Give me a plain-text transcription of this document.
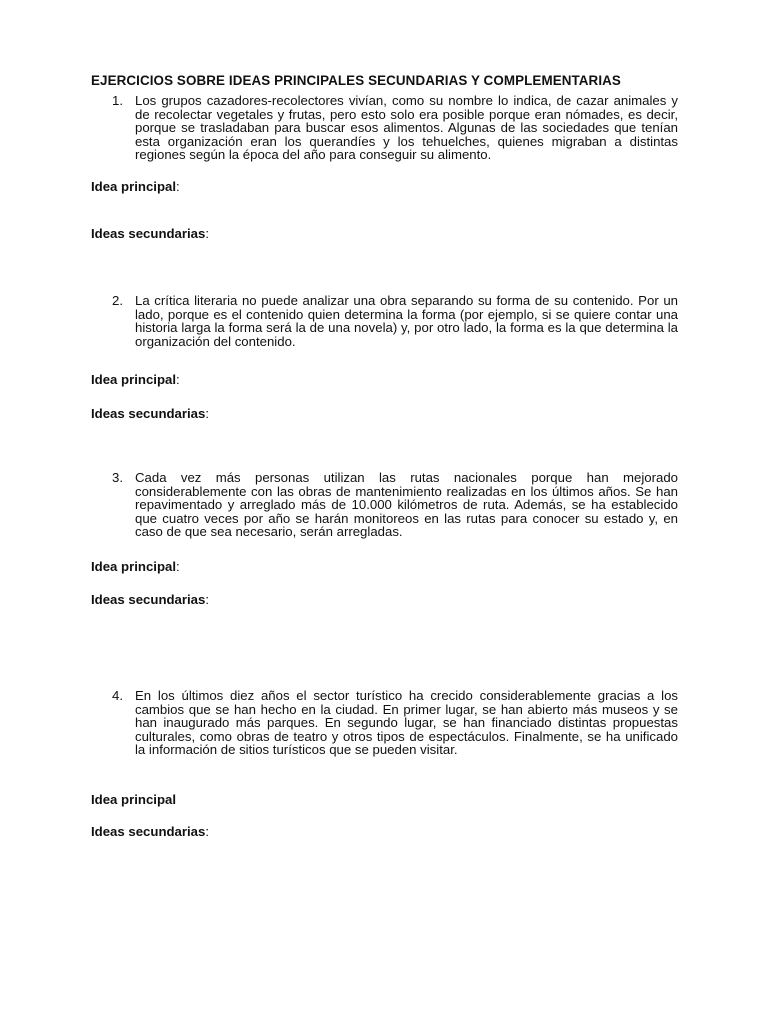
EJERCICIOS SOBRE IDEAS PRINCIPALES SECUNDARIAS Y COMPLEMENTARIAS
1. Los grupos cazadores-recolectores vivían, como su nombre lo indica, de cazar animales y de recolectar vegetales y frutas, pero esto solo era posible porque eran nómades, es decir, porque se trasladaban para buscar esos alimentos. Algunas de las sociedades que tenían esta organización eran los querandíes y los tehuelches, quienes migraban a distintas regiones según la época del año para conseguir su alimento.
Idea principal:
Ideas secundarias:
2. La crítica literaria no puede analizar una obra separando su forma de su contenido. Por un lado, porque es el contenido quien determina la forma (por ejemplo, si se quiere contar una historia larga la forma será la de una novela) y, por otro lado, la forma es la que determina la organización del contenido.
Idea principal:
Ideas secundarias:
3. Cada vez más personas utilizan las rutas nacionales porque han mejorado considerablemente con las obras de mantenimiento realizadas en los últimos años. Se han repavimentado y arreglado más de 10.000 kilómetros de ruta. Además, se ha establecido que cuatro veces por año se harán monitoreos en las rutas para conocer su estado y, en caso de que sea necesario, serán arregladas.
Idea principal:
Ideas secundarias:
4. En los últimos diez años el sector turístico ha crecido considerablemente gracias a los cambios que se han hecho en la ciudad. En primer lugar, se han abierto más museos y se han inaugurado más parques. En segundo lugar, se han financiado distintas propuestas culturales, como obras de teatro y otros tipos de espectáculos. Finalmente, se ha unificado la información de sitios turísticos que se pueden visitar.
Idea principal
Ideas secundarias:
